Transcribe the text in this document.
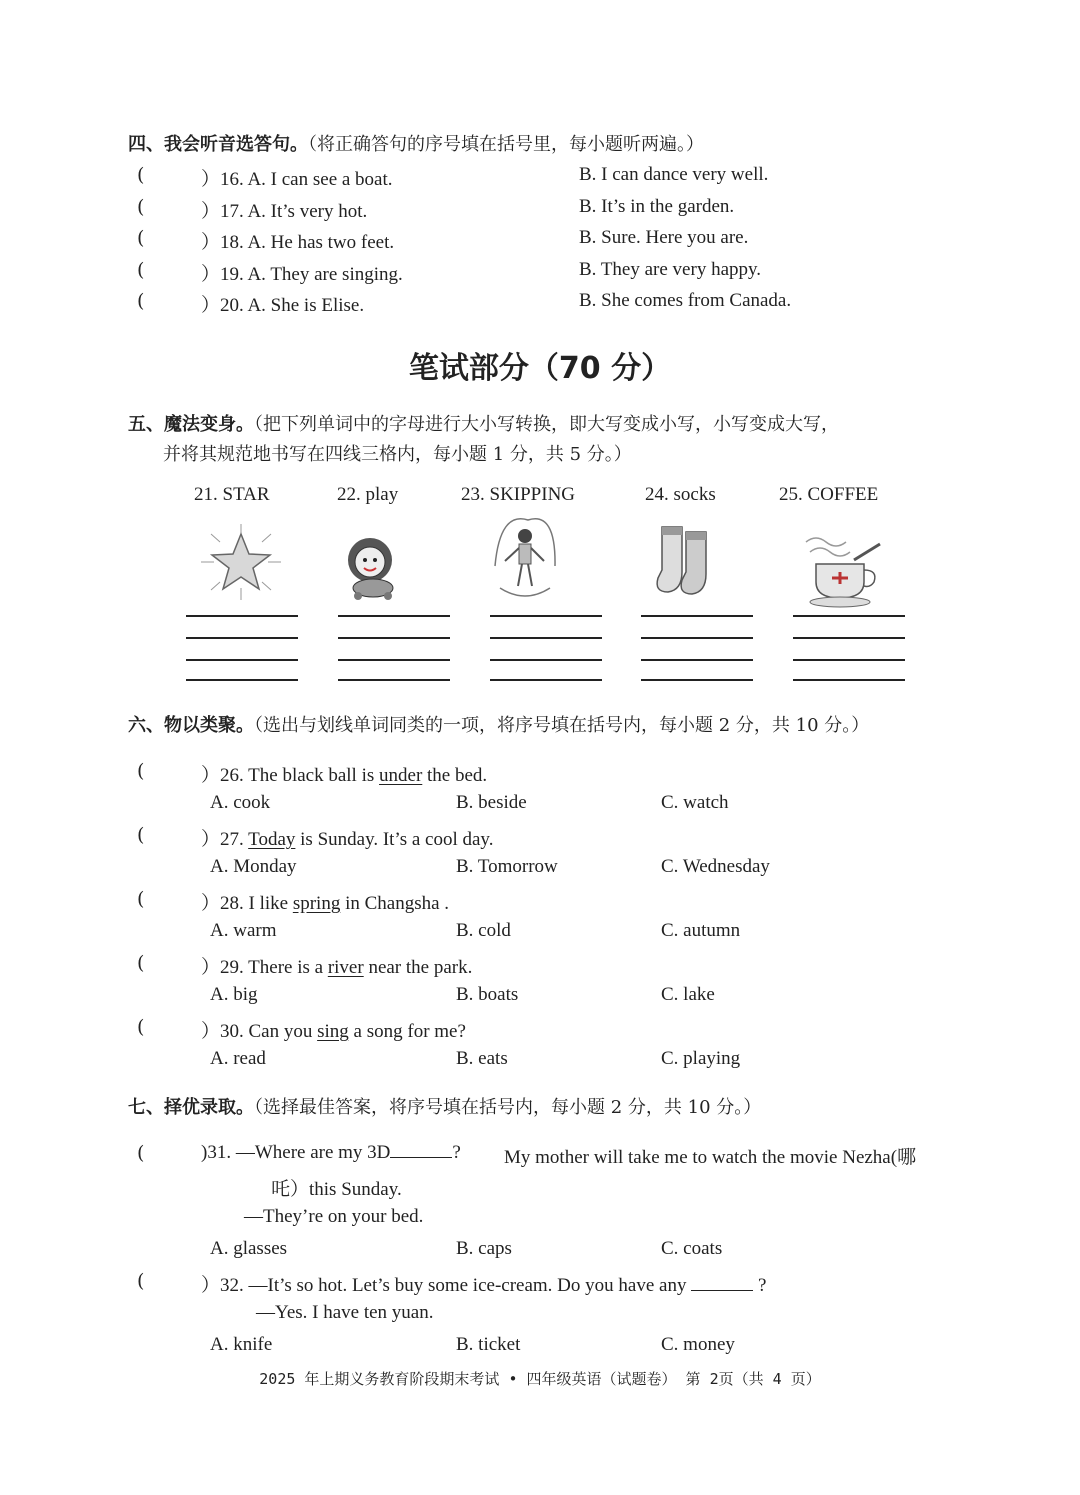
四、我会听音选答句。（将正确答句的序号填在括号里，每小题听两遍。）
(	）16. A. I can see a boat.	B. I can dance very well.
(	）17. A. It’s very hot.	B. It’s in the garden.
(	）18. A. He has two feet.	B. Sure. Here you are.
(	）19. A. They are singing.	B. They are very happy.
(	）20. A. She is Elise.	B. She comes from Canada.
笔试部分（70 分）
五、魔法变身。（把下列单词中的字母进行大小写转换，即大写变成小写，小写变成大写，
并将其规范地书写在四线三格内，每小题 1 分，共 5 分。）
21. STAR	22. play	23. SKIPPING	24. socks	25. COFFEE
六、物以类聚。（选出与划线单词同类的一项，将序号填在括号内，每小题 2 分，共 10 分。）
(	）26. The black ball is under the bed.
A. cook	B. beside	C. watch
(	）27. Today is Sunday. It’s a cool day.
A. Monday	B. Tomorrow	C. Wednesday
(	）28. I like spring in Changsha .
A. warm	B. cold	C. autumn
(	）29. There is a river near the park.
A. big	B. boats	C. lake
(	）30. Can you sing a song for me?
A. read	B. eats	C. playing
七、择优录取。（选择最佳答案，将序号填在括号内，每小题 2 分，共 10 分。）
(	)31. —Where are my 3D	? My mother will take me to watch the movie Nezha(哪
吒）this Sunday.
—They’re on your bed.
A. glasses	B. caps	C. coats
(	）32. —It’s so hot. Let’s buy some ice-cream. Do you have any	?
—Yes. I have ten yuan.
A. knife	B. ticket	C. money
2025 年上期义务教育阶段期末考试 • 四年级英语（试题卷） 第 2页（共 4 页）
